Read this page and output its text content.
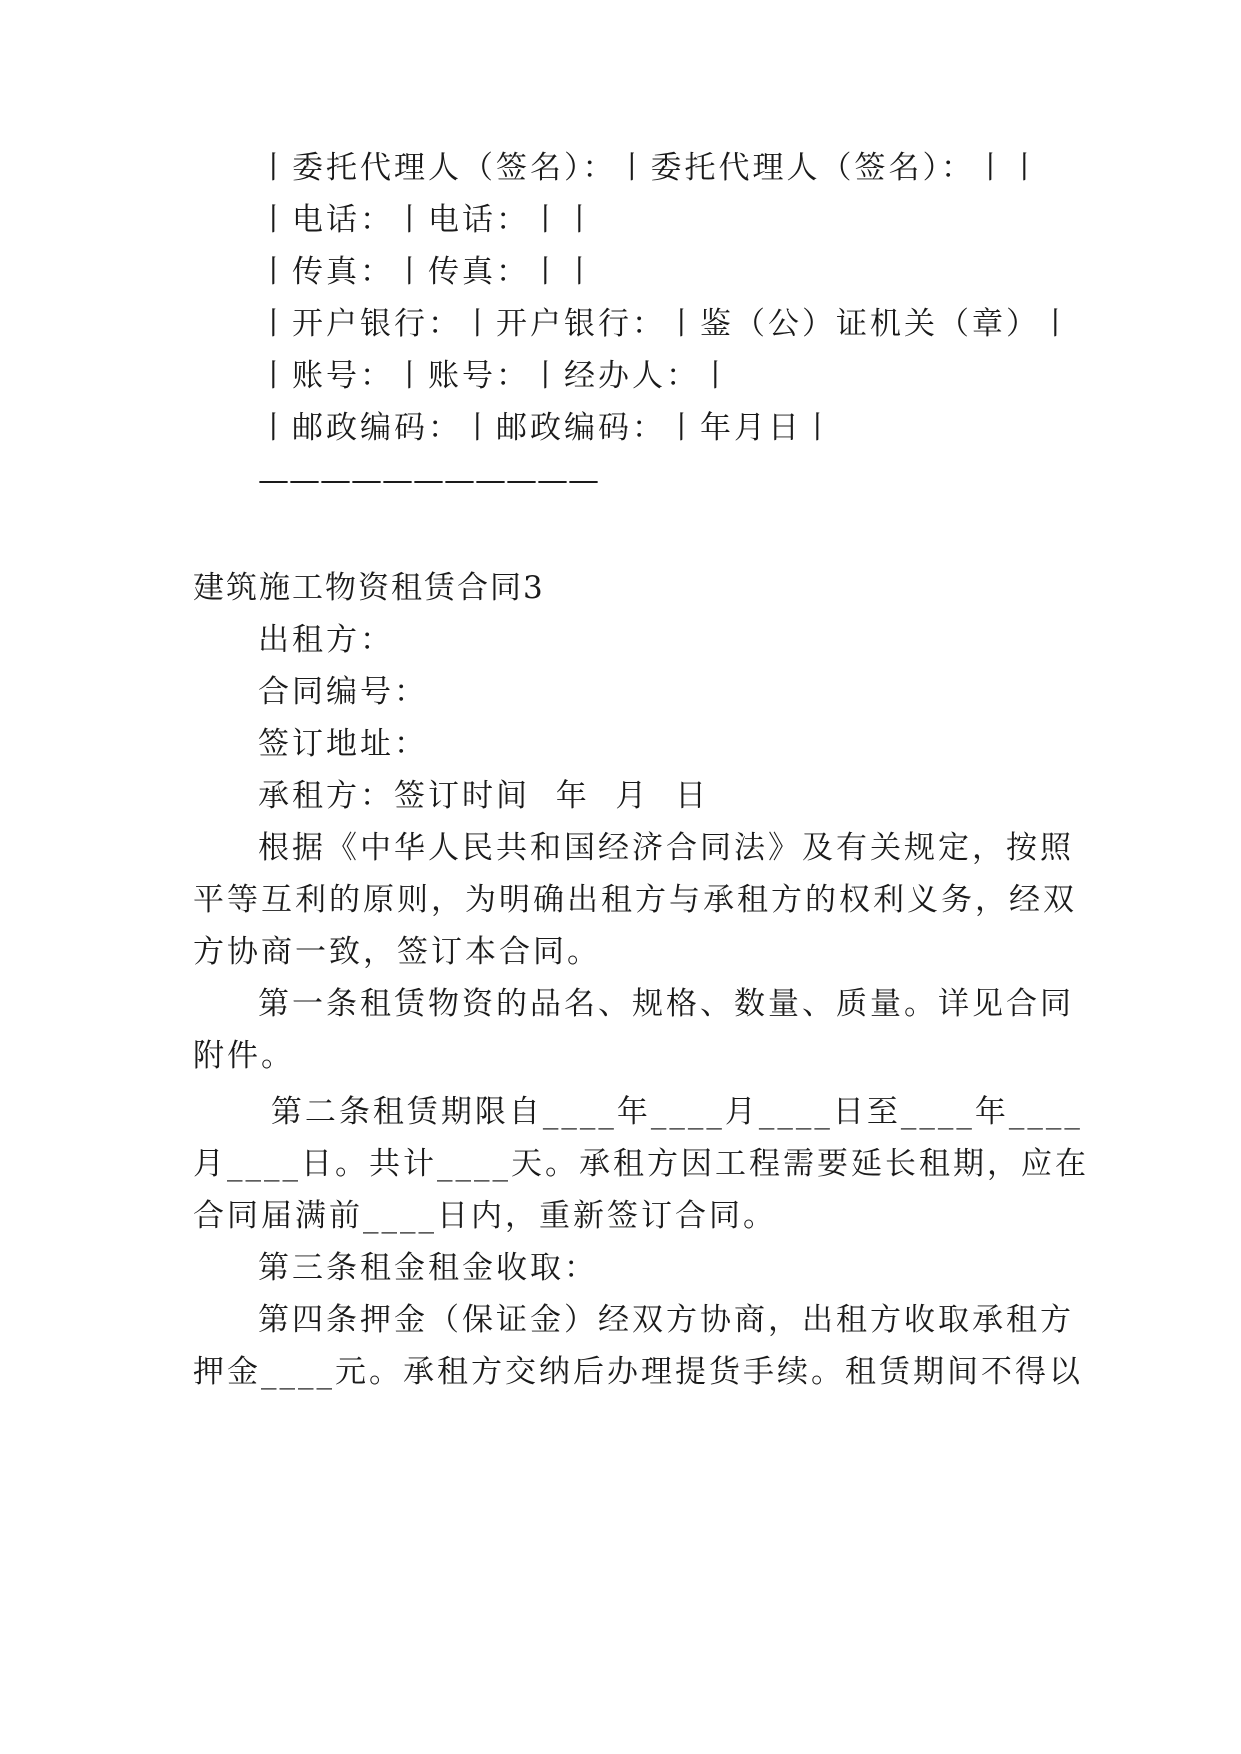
丨委托代理人（签名）：丨委托代理人（签名）：丨丨
丨电话：丨电话：丨丨
丨传真：丨传真：丨丨
丨开户银行：丨开户银行：丨鉴（公）证机关（章）丨
丨账号：丨账号：丨经办人：丨
丨邮政编码：丨邮政编码：丨年月日丨
———————————
建筑施工物资租赁合同3
出租方：
合同编号：
签订地址：
承租方：签订时间  年  月  日
根据《中华人民共和国经济合同法》及有关规定，按照
平等互利的原则，为明确出租方与承租方的权利义务，经双
方协商一致，签订本合同。
第一条租赁物资的品名、规格、数量、质量。详见合同
附件。
第二条租赁期限自____年____月____日至____年____
月____日。共计____天。承租方因工程需要延长租期，应在
合同届满前____日内，重新签订合同。
第三条租金租金收取：
第四条押金（保证金）经双方协商，出租方收取承租方
押金____元。承租方交纳后办理提货手续。租赁期间不得以
